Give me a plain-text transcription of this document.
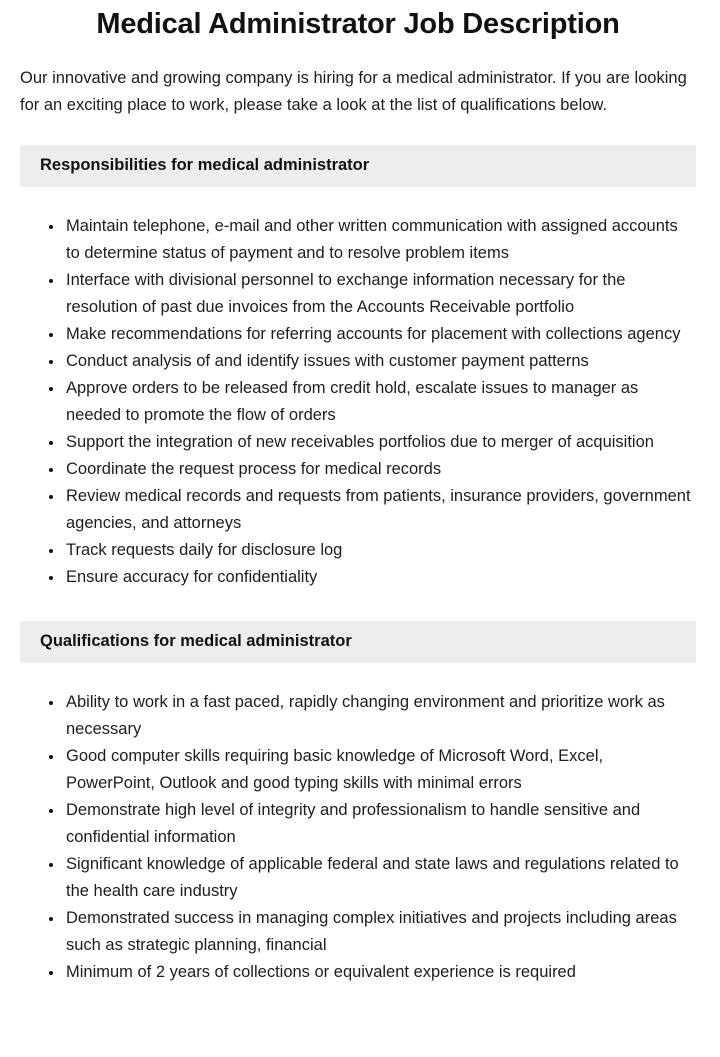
Medical Administrator Job Description

Our innovative and growing company is hiring for a medical administrator. If you are looking for an exciting place to work, please take a look at the list of qualifications below.

Responsibilities for medical administrator
• Maintain telephone, e-mail and other written communication with assigned accounts to determine status of payment and to resolve problem items
• Interface with divisional personnel to exchange information necessary for the resolution of past due invoices from the Accounts Receivable portfolio
• Make recommendations for referring accounts for placement with collections agency
• Conduct analysis of and identify issues with customer payment patterns
• Approve orders to be released from credit hold, escalate issues to manager as needed to promote the flow of orders
• Support the integration of new receivables portfolios due to merger of acquisition
• Coordinate the request process for medical records
• Review medical records and requests from patients, insurance providers, government agencies, and attorneys
• Track requests daily for disclosure log
• Ensure accuracy for confidentiality
Qualifications for medical administrator
• Ability to work in a fast paced, rapidly changing environment and prioritize work as necessary
• Good computer skills requiring basic knowledge of Microsoft Word, Excel, PowerPoint, Outlook and good typing skills with minimal errors
• Demonstrate high level of integrity and professionalism to handle sensitive and confidential information
• Significant knowledge of applicable federal and state laws and regulations related to the health care industry
• Demonstrated success in managing complex initiatives and projects including areas such as strategic planning, financial
• Minimum of 2 years of collections or equivalent experience is required
